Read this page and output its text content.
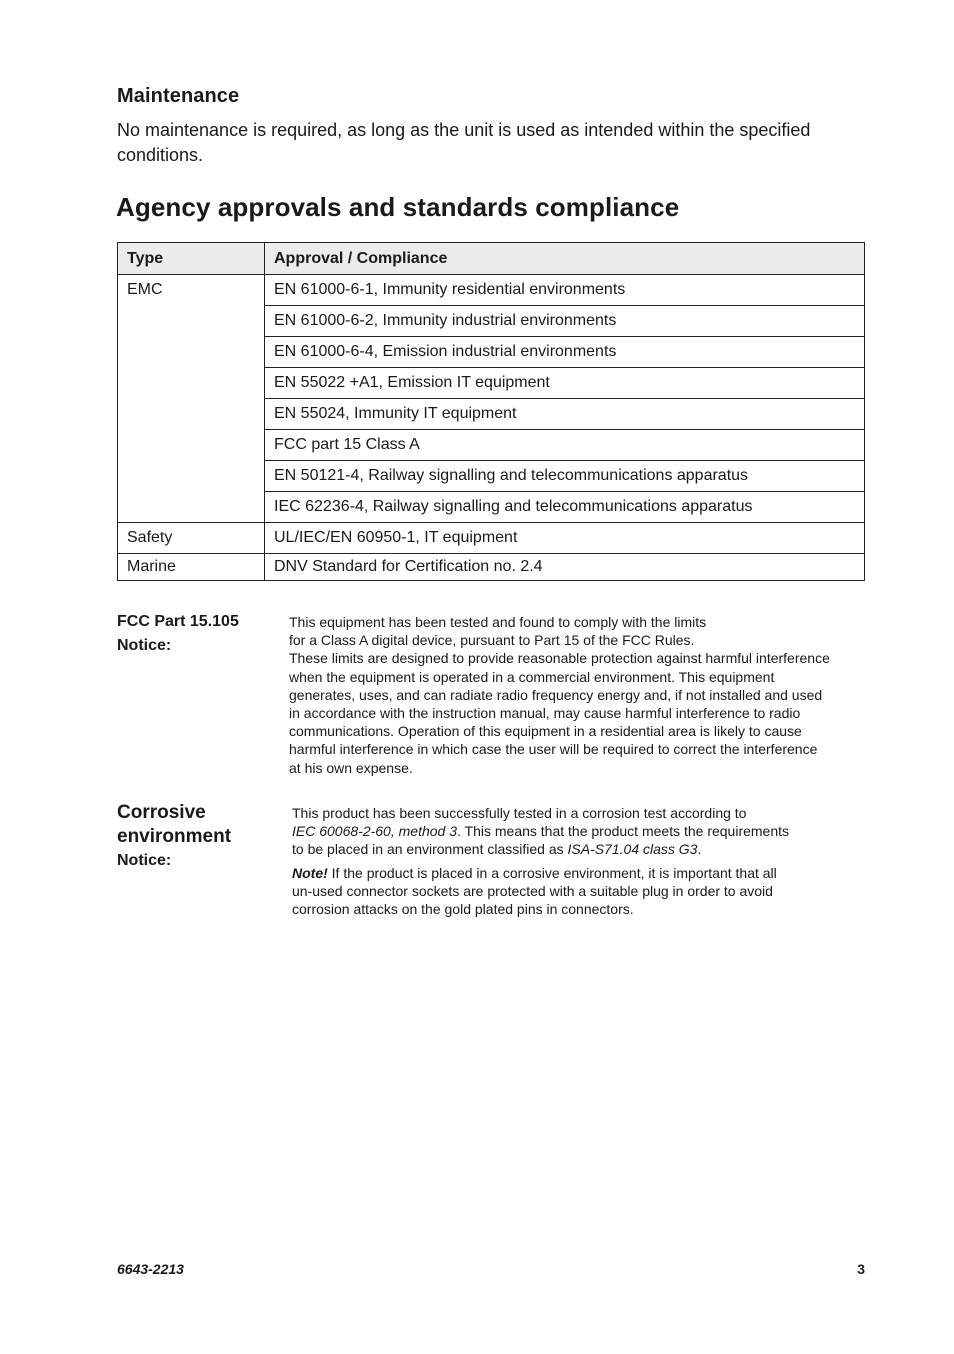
Maintenance

No maintenance is required, as long as the unit is used as intended within the specified conditions.

Agency approvals and standards compliance
Type	Approval / Compliance
EMC	EN 61000-6-1, Immunity residential environments
	EN 61000-6-2, Immunity industrial environments
	EN 61000-6-4, Emission industrial environments
	EN 55022 +A1, Emission IT equipment
	EN 55024, Immunity IT equipment
	FCC part 15 Class A
	EN 50121-4, Railway signalling and telecommunications apparatus
	IEC 62236-4, Railway signalling and telecommunications apparatus
Safety	UL/IEC/EN 60950-1, IT equipment
Marine	DNV Standard for Certification no. 2.4
FCC Part 15.105
Notice:
This equipment has been tested and found to comply with the limits
for a Class A digital device, pursuant to Part 15 of the FCC Rules.
These limits are designed to provide reasonable protection against harmful interference
when the equipment is operated in a commercial environment. This equipment
generates, uses, and can radiate radio frequency energy and, if not installed and used
in accordance with the instruction manual, may cause harmful interference to radio
communications. Operation of this equipment in a residential area is likely to cause
harmful interference in which case the user will be required to correct the interference
at his own expense.
Corrosive
environment
Notice:
This product has been successfully tested in a corrosion test according to
IEC 60068-2-60, method 3. This means that the product meets the requirements
to be placed in an environment classified as ISA-S71.04 class G3.
Note! If the product is placed in a corrosive environment, it is important that all
un-used connector sockets are protected with a suitable plug in order to avoid
corrosion attacks on the gold plated pins in connectors.
6643-2213	3
